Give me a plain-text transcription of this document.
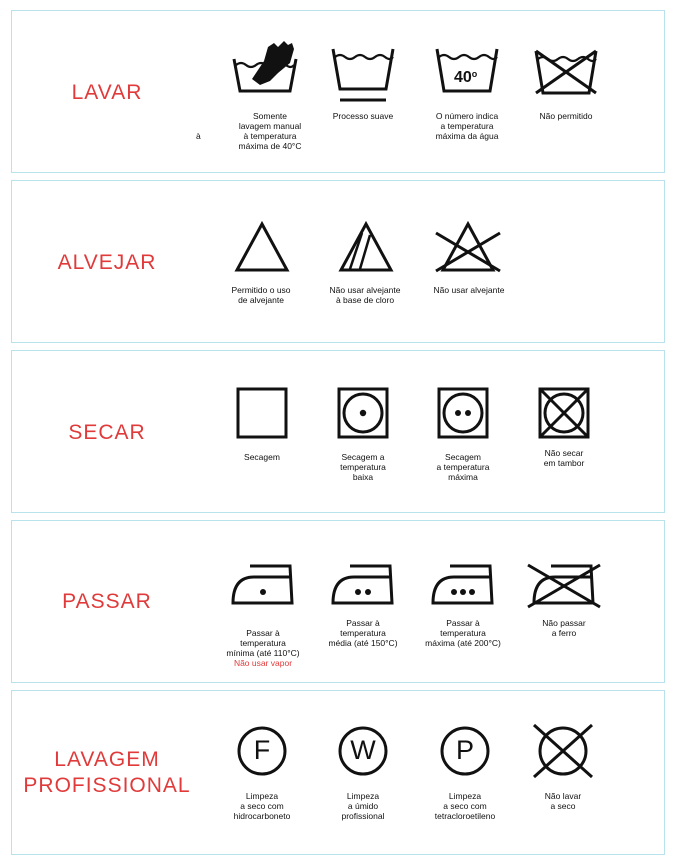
LAVAR
à
Somente
lavagem manual
à temperatura
máxima de 40°C
Processo suave
40$^o$
O número indica
a temperatura
máxima da água
Não permitido
ALVEJAR
Permitido o uso
de alvejante
Não usar alvejante
à base de cloro
Não usar alvejante
SECAR
Secagem	Secagem a
temperatura
baixa
Secagem
a temperatura
máxima
Não secar
em tambor
PASSAR

Passar à
temperatura
mínima (até 110°C)

Não usar vapor

Passar à
temperatura
média (até 150°C)
Passar à
temperatura
máxima (até 200°C)
Não passar
a ferro
LAVAGEM
PROFISSIONAL
F
Limpeza
a seco com
hidrocarboneto
W
Limpeza
a úmido
profissional
P
Limpeza
a seco com
tetracloroetileno
Não lavar
a seco
